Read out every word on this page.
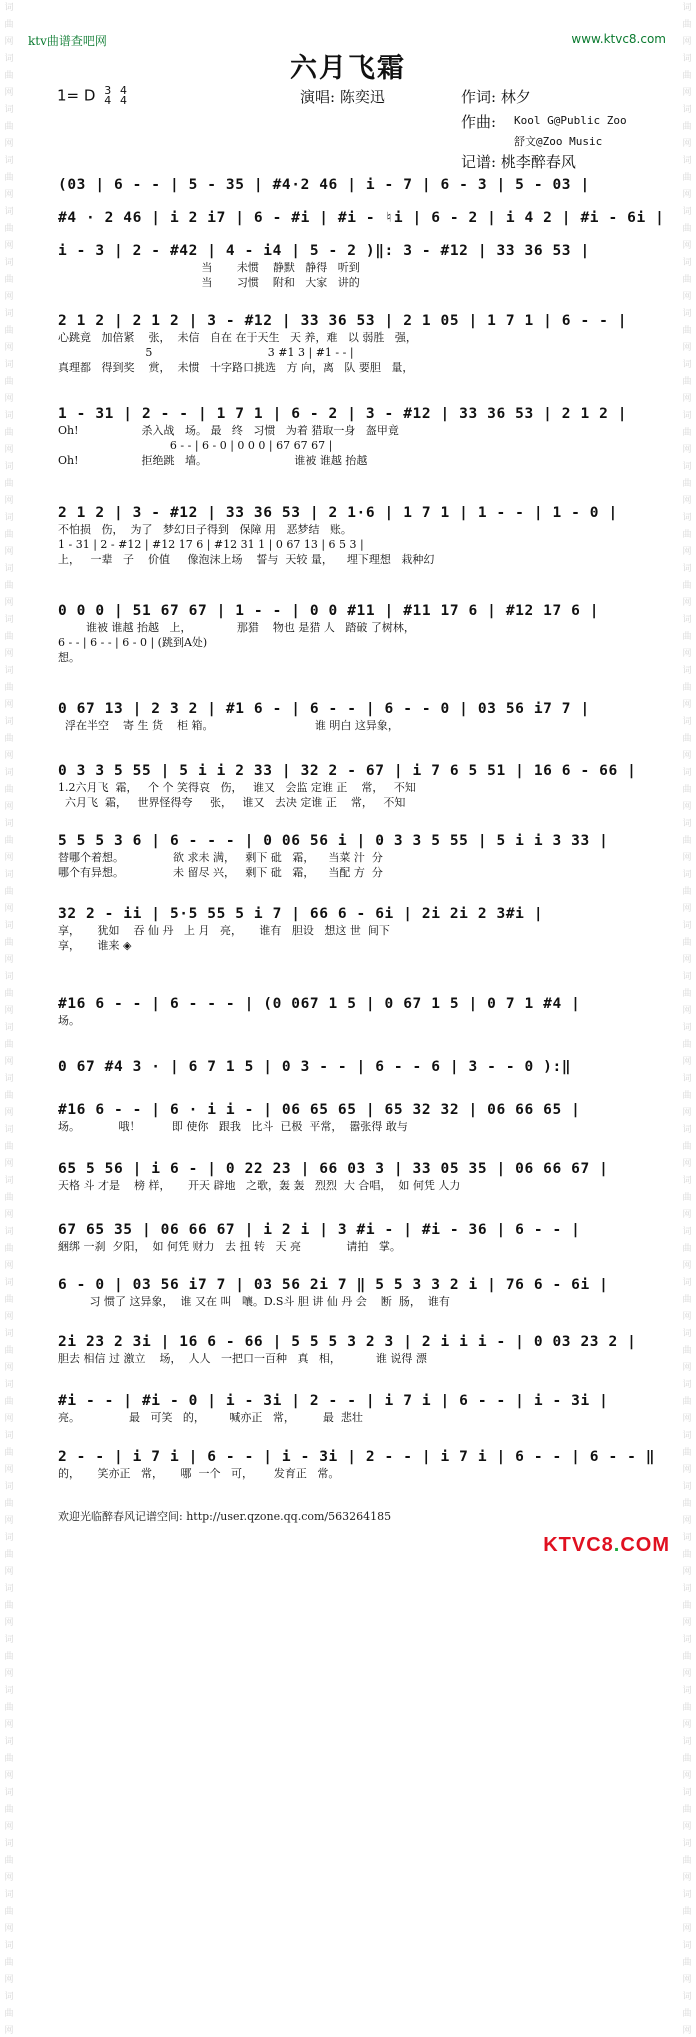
词
曲
网
词
曲
网
词
曲
网
词
曲
网
词
曲
网
词
曲
网
词
曲
网
词
曲
网
词
曲
网
词
曲
网
词
曲
网
词
曲
网
词
曲
网
词
曲
网
词
曲
网
词
曲
网
词
曲
网
词
曲
网
词
曲
网
词
曲
网
词
曲
网
词
曲
网
词
曲
网
词
曲
网
词
曲
网
词
曲
网
词
曲
网
词
曲
网
词
曲
网
词
曲
网
词
曲
网
词
曲
网
词
曲
网
词
曲
网
词
曲
网
词
曲
网
词
曲
网
词
曲
网
词
曲
网
词
曲
网
词
曲
网
词
曲
网
词
曲
网
词
曲
网
词
曲
网
词
曲
网
词
曲
网
词
曲
网
词
曲
网
词
曲
网
词
曲
网
词
曲
网
词
曲
网
词
曲
网
词
曲
网
词
曲
网
词
曲
网
词
曲
网
词
曲
网
词
曲
网
词
曲
网
词
曲
网
词
曲
网
词
曲
网
词
曲
网
词
曲
网
词
曲
网
词
曲
网
词
曲
网
词
曲
网
词
曲
网
词
曲
网
词
曲
网
词
曲
网
词
曲
网
词
曲
网
词
曲
网
词
曲
网
词
曲
网
词
曲
网
ktv曲谱查吧网	www.ktvc8.com
六月飞霜
1= D 3
4

4
4	演唱: 陈奕迅	作词: 林夕
作曲: Kool G@Public Zoo
舒文@Zoo Music
记谱: 桃李醉春风
(03 | 6 - - | 5 - 35 | #4·2 46 | i - 7 | 6 - 3 | 5 - 03 |
#4 · 2 46 | i 2 i7 | 6 - #i | #i - ♮i | 6 - 2 | i 4 2 | #i - 6i |
i - 3 | 2 - #42 | 4 - i4 | 5 - 2 )‖: 3 - #12 | 33 36 53 |
当       未惯    静默   静得   听到
当       习惯    附和   大家   讲的
2 1 2 | 2 1 2 | 3 - #12 | 33 36 53 | 2 1 05 | 1 7 1 | 6 - - |
心跳竟   加倍紧    张，  未信   自在 在于天生   天 养，难   以 弱胜   强，
5                                 3 #1 3 | #1 - - |
真理都   得到奖    赏，  未惯   十字路口挑选   方 向，离   队 要胆   量，
1 - 31 | 2 - - | 1 7 1 | 6 - 2 | 3 - #12 | 33 36 53 | 2 1 2 |
Oh!                  杀入战   场。 最   终   习惯   为着 猎取一身   盔甲竟
6 - - | 6 - 0 | 0 0 0 | 67 67 67 |
Oh!                  拒绝跳   墙。                         谁被 谁越 抬越
2 1 2 | 3 - #12 | 33 36 53 | 2 1·6 | 1 7 1 | 1 - - | 1 - 0 |
不怕损   伤，  为了   梦幻日子得到   保障 用   恶梦结   账。
1 - 31 | 2 - #12 | #12 17 6 | #12 31 1 | 0 67 13 | 6 5 3 |
上，   一辈   子    价值     像泡沫上场    誓与  天较 量，    埋下理想   栽种幻
0 0 0 | 51 67 67 | 1 - - | 0 0 #11 | #11 17 6 | #12 17 6 |
谁被 谁越 抬越   上，             那猎    物也 是猎 人   踏破 了树林，
6 - - | 6 - - | 6 - 0 | (跳到A处)
想。
0 67 13 | 2 3 2 | #1 6 - | 6 - - | 6 - - 0 | 03 56 i7 7 |
浮在半空    寄 生 货    柜 箱。                             谁 明白 这异象，
0 3 3 5 55 | 5 i i 2 33 | 32 2 - 67 | i 7 6 5 51 | 16 6 - 66 |
1.2六月飞  霜，   个 个 笑得哀   伤，   谁又   会监 定谁 正    常，   不知
六月飞  霜，   世界怪得夸     张，   谁又   去决 定谁 正    常，   不知
5 5 5 3 6 | 6 - - - | 0 06 56 i | 0 3 3 5 55 | 5 i i 3 33 |
替哪个着想。              欲 求未 满，   剩下 砒   霜，    当菜 汁  分
哪个有异想。              未 留尽 兴，   剩下 砒   霜，    当配 方  分
32 2 - ii | 5·5 55 5 i 7 | 66 6 - 6i | 2i 2i 2 3#i |
享，     犹如    吞 仙 丹   上 月   亮，     谁有   胆设   想这 世  间下
享，     谁来 ◈
#16 6 - - | 6 - - - | (0 067 1 5 | 0 67 1 5 | 0 7 1 #4 |
场。
0 67 #4 3 · | 6 7 1 5 | 0 3 - - | 6 - - 6 | 3 - - 0 ):‖
#16 6 - - | 6 · i i - | 06 65 65 | 65 32 32 | 06 66 65 |
场。           哦！         即 使你   跟我   比斗  已极  平常，  嚣张得 敢与
65 5 56 | i 6 - | 0 22 23 | 66 03 3 | 33 05 35 | 06 66 67 |
天格 斗 才是    榜 样，     开天 辟地   之歌，轰 轰   烈烈  大 合唱，  如 何凭 人力
67 65 35 | 06 66 67 | i 2 i | 3 #i - | #i - 36 | 6 - - |
綑绑 一刹  夕阳，  如 何凭 财力   去 扭 转   天 亮             请拍   掌。
6 - 0 | 03 56 i7 7 | 03 56 2i 7 ‖ 5 5 3 3 2 i | 76 6 - 6i |
习 惯了 这异象，  谁 又在 叫   嚷。D.S斗 胆 讲 仙 丹 会    断  肠，  谁有
2i 23 2 3i | 16 6 - 66 | 5 5 5 3 2 3 | 2 i i i - | 0 03 23 2 |
胆去 相信 过 激立    场，  人人   一把口一百种   真   相，          谁 说得 漂
#i - - | #i - 0 | i - 3i | 2 - - | i 7 i | 6 - - | i - 3i |
亮。              最   可笑   的，       喊亦正   常，        最  悲壮
2 - - | i 7 i | 6 - - | i - 3i | 2 - - | i 7 i | 6 - - | 6 - - ‖
的，     笑亦正   常，     哪  一个   可，      发育正   常。
欢迎光临醉春风记谱空间: http://user.qzone.qq.com/563264185
KTVC8.COM
